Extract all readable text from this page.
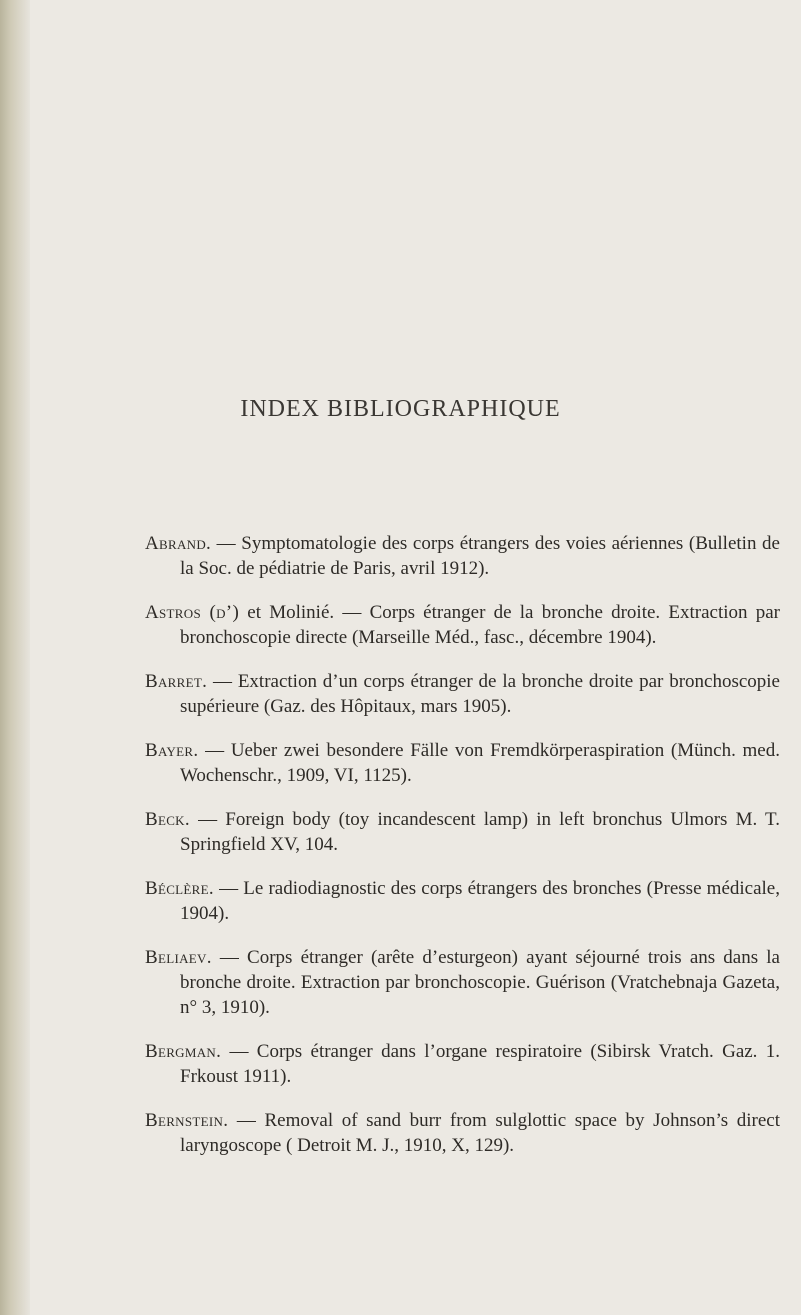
INDEX BIBLIOGRAPHIQUE

Abrand. — Symptomatologie des corps étrangers des voies aériennes (Bulletin de la Soc. de pédiatrie de Paris, avril 1912).

Astros (d’) et Molinié. — Corps étranger de la bronche droite. Extraction par bronchoscopie directe (Marseille Méd., fasc., décembre 1904).

Barret. — Extraction d’un corps étranger de la bronche droite par bronchoscopie supérieure (Gaz. des Hôpitaux, mars 1905).

Bayer. — Ueber zwei besondere Fälle von Fremdkörperaspiration (Münch. med. Wochenschr., 1909, VI, 1125).

Beck. — Foreign body (toy incandescent lamp) in left bronchus Ulmors M. T. Springfield XV, 104.

Béclère. — Le radiodiagnostic des corps étrangers des bronches (Presse médicale, 1904).

Beliaev. — Corps étranger (arête d’esturgeon) ayant séjourné trois ans dans la bronche droite. Extraction par bronchoscopie. Guérison (Vratchebnaja Gazeta, n° 3, 1910).

Bergman. — Corps étranger dans l’organe respiratoire (Sibirsk Vratch. Gaz. 1. Frkoust 1911).

Bernstein. — Removal of sand burr from sulglottic space by Johnson’s direct laryngoscope ( Detroit M. J., 1910, X, 129).
